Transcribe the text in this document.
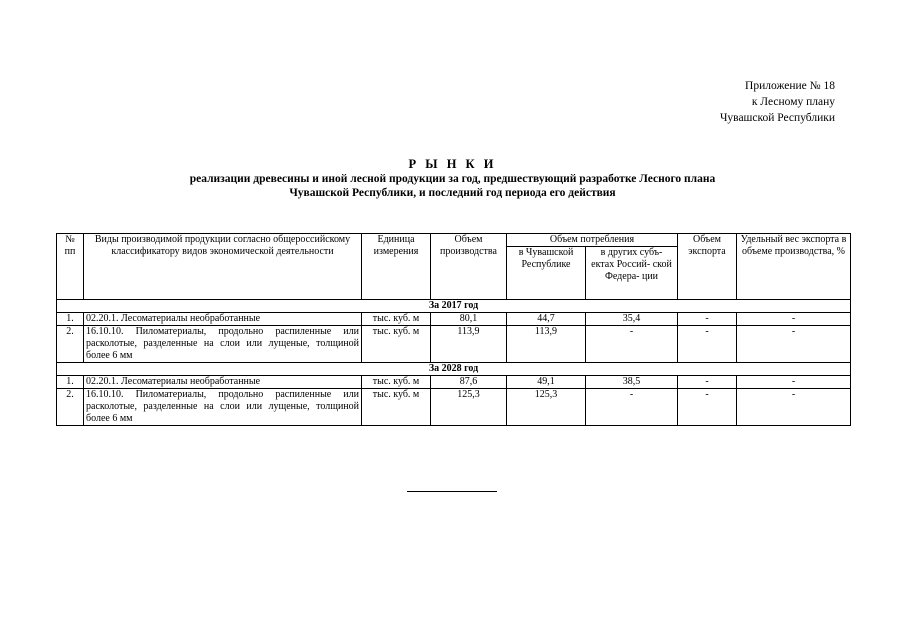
Приложение № 18
к Лесному плану
Чувашской Республики
Р Ы Н К И
реализации древесины и иной лесной продукции за год, предшествующий разработке Лесного плана
Чувашской Республики, и последний год периода его действия
№ пп	Виды производимой продукции согласно общероссийскому классификатору видов экономической деятельности	Единица измерения	Объем производства	Объем потребления		Объем экспорта	Удельный вес экспорта в объеме производства, %
				в Чувашской Республике	в других субъ- ектах Россий- ской Федера- ции		
За 2017 год							
1.	02.20.1. Лесоматериалы необработанные	тыс. куб. м	80,1	44,7	35,4	-	-
2.	16.10.10. Пиломатериалы, продольно распиленные или расколотые, разделенные на слои или лущеные, толщиной более 6 мм	тыс. куб. м	113,9	113,9	-	-	-
За 2028 год							
1.	02.20.1. Лесоматериалы необработанные	тыс. куб. м	87,6	49,1	38,5	-	-
2.	16.10.10. Пиломатериалы, продольно распиленные или расколотые, разделенные на слои или лущеные, толщиной более 6 мм	тыс. куб. м	125,3	125,3	-	-	-
